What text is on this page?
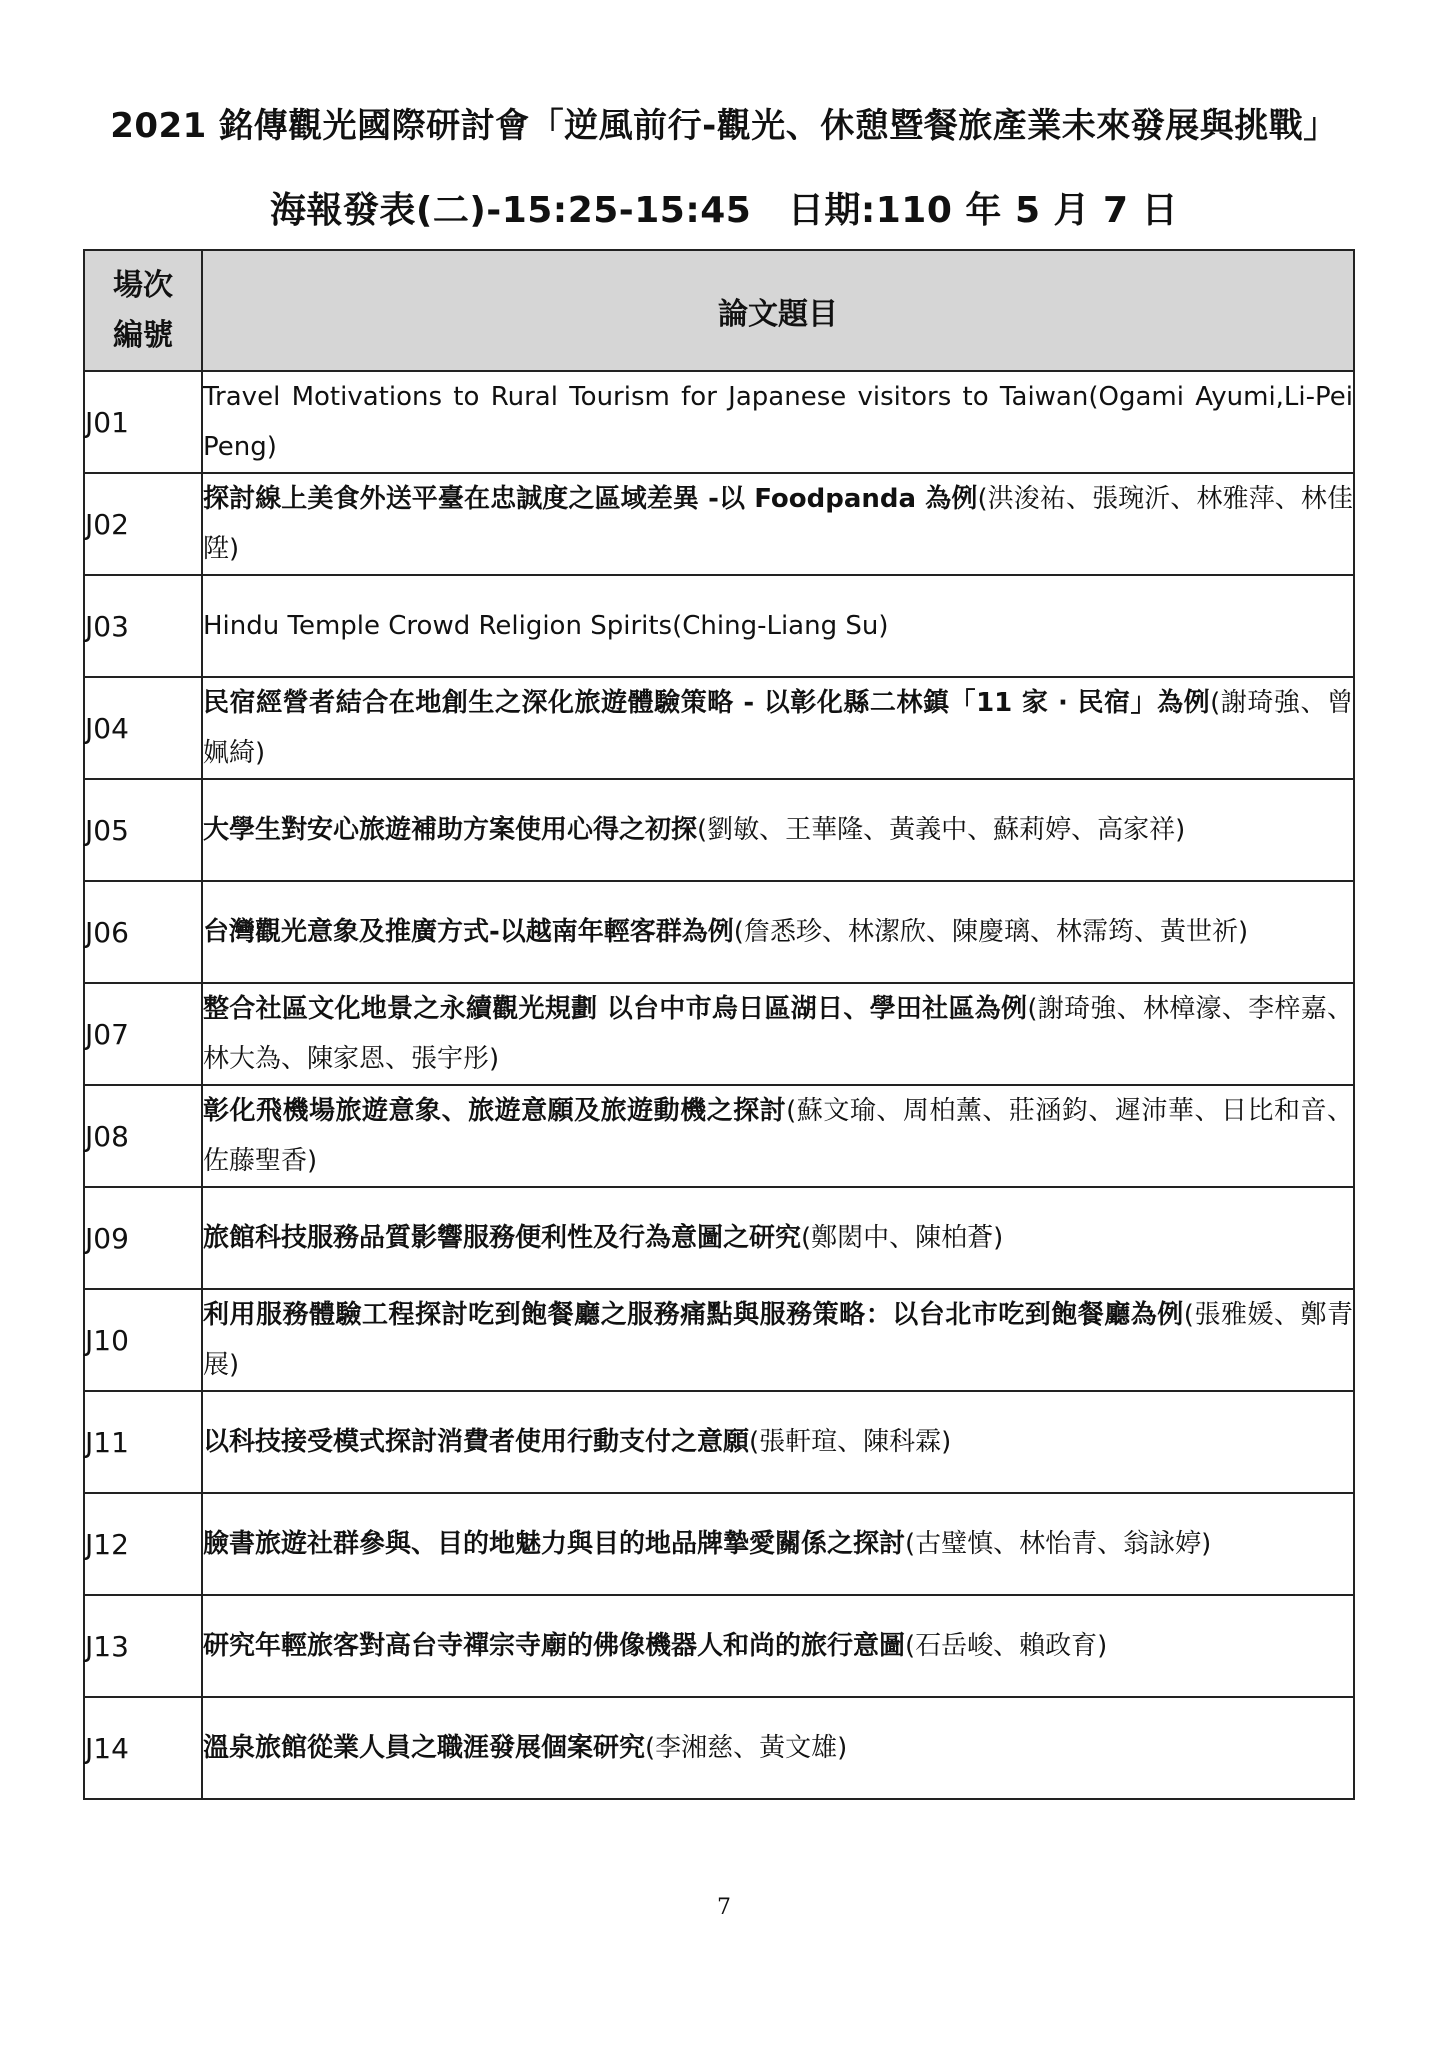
2021 銘傳觀光國際研討會「逆風前行-觀光、休憩暨餐旅產業未來發展與挑戰」
海報發表(二)-15:25-15:45　日期:110 年 5 月 7 日
場次
編號	論文題目
J01	Travel Motivations to Rural Tourism for Japanese visitors to Taiwan(Ogami Ayumi,Li-Pei Peng)
J02	探討線上美食外送平臺在忠誠度之區域差異 -以 Foodpanda 為例(洪浚祐、張琬沂、林雅萍、林佳陞)
J03	Hindu Temple Crowd Religion Spirits(Ching-Liang Su)
J04	民宿經營者結合在地創生之深化旅遊體驗策略 - 以彰化縣二林鎮「11 家 · 民宿」為例(謝琦強、曾姵綺)
J05	大學生對安心旅遊補助方案使用心得之初探(劉敏、王華隆、黃義中、蘇莉婷、高家祥)
J06	台灣觀光意象及推廣方式-以越南年輕客群為例(詹悉珍、林潔欣、陳慶璃、林霈筠、黃世祈)
J07	整合社區文化地景之永續觀光規劃 以台中市烏日區湖日、學田社區為例(謝琦強、林樟濠、李梓嘉、林大為、陳家恩、張宇彤)
J08	彰化飛機場旅遊意象、旅遊意願及旅遊動機之探討(蘇文瑜、周柏薰、莊涵鈞、遲沛華、日比和音、佐藤聖香)
J09	旅館科技服務品質影響服務便利性及行為意圖之研究(鄭閎中、陳柏蒼)
J10	利用服務體驗工程探討吃到飽餐廳之服務痛點與服務策略：以台北市吃到飽餐廳為例(張雅媛、鄭青展)
J11	以科技接受模式探討消費者使用行動支付之意願(張軒瑄、陳科霖)
J12	臉書旅遊社群參與、目的地魅力與目的地品牌摯愛關係之探討(古璧慎、林怡青、翁詠婷)
J13	研究年輕旅客對高台寺禪宗寺廟的佛像機器人和尚的旅行意圖(石岳峻、賴政育)
J14	溫泉旅館從業人員之職涯發展個案研究(李湘慈、黃文雄)
7
